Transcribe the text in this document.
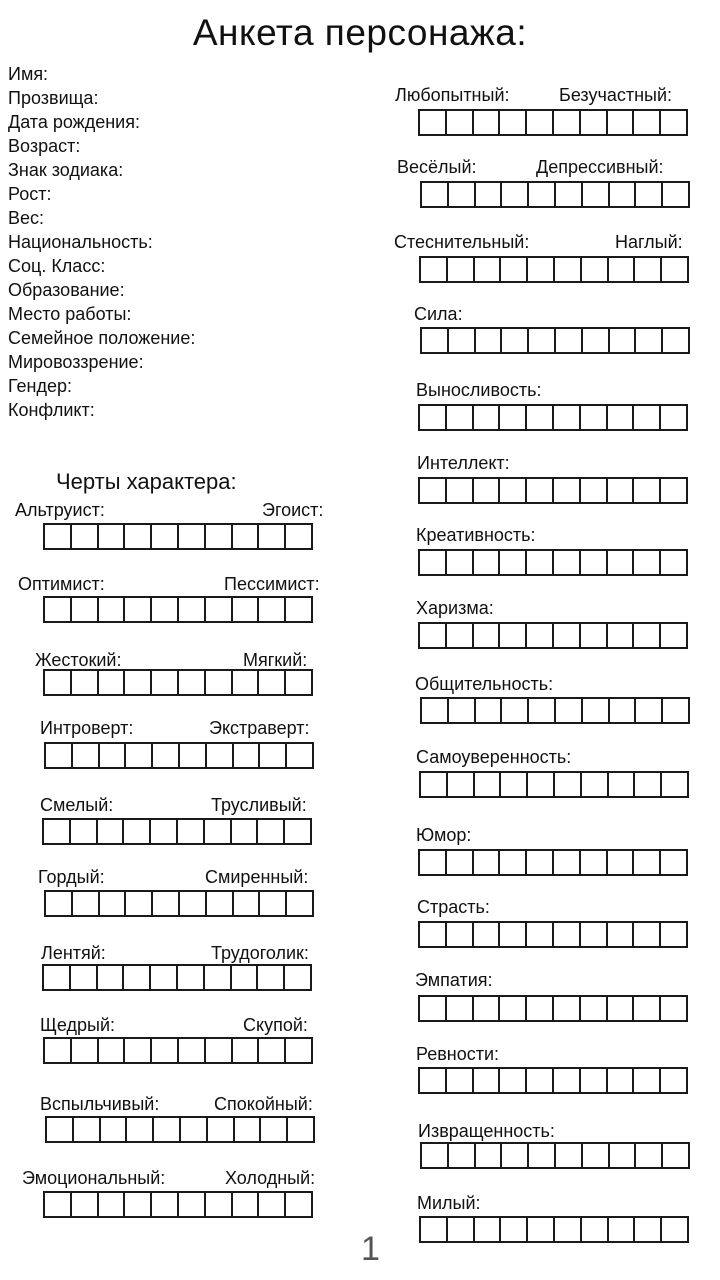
Анкета персонажа:
Имя:
Прозвища:
Дата рождения:
Возраст:
Знак зодиака:
Рост:
Вес:
Национальность:
Соц. Класс:
Образование:
Место работы:
Семейное положение:
Мировоззрение:
Гендер:
Конфликт:
Черты характера:
Альтруист:	Эгоист:
Оптимист:	Пессимист:
Жестокий:	Мягкий:
Интроверт:	Экстраверт:
Смелый:	Трусливый:
Гордый:	Смиренный:
Лентяй:	Трудоголик:
Щедрый:	Скупой:
Вспыльчивый:	Спокойный:
Эмоциональный:	Холодный:
Любопытный:	Безучастный:
Весёлый:	Депрессивный:
Стеснительный:	Наглый:
Сила:
Выносливость:
Интеллект:
Креативность:
Харизма:
Общительность:
Самоуверенность:
Юмор:
Страсть:
Эмпатия:
Ревности:
Извращенность:
Милый:
1
